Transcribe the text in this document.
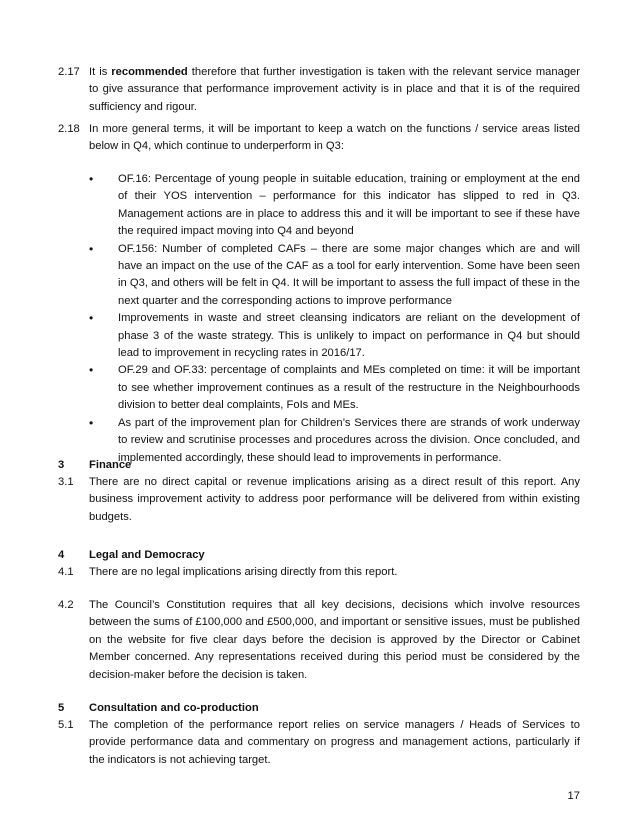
2.17 It is recommended therefore that further investigation is taken with the relevant service manager to give assurance that performance improvement activity is in place and that it is of the required sufficiency and rigour.
2.18 In more general terms, it will be important to keep a watch on the functions / service areas listed below in Q4, which continue to underperform in Q3:
• OF.16: Percentage of young people in suitable education, training or employment at the end of their YOS intervention – performance for this indicator has slipped to red in Q3. Management actions are in place to address this and it will be important to see if these have the required impact moving into Q4 and beyond
• OF.156: Number of completed CAFs – there are some major changes which are and will have an impact on the use of the CAF as a tool for early intervention. Some have been seen in Q3, and others will be felt in Q4. It will be important to assess the full impact of these in the next quarter and the corresponding actions to improve performance
• Improvements in waste and street cleansing indicators are reliant on the development of phase 3 of the waste strategy. This is unlikely to impact on performance in Q4 but should lead to improvement in recycling rates in 2016/17.
• OF.29 and OF.33: percentage of complaints and MEs completed on time: it will be important to see whether improvement continues as a result of the restructure in the Neighbourhoods division to better deal complaints, FoIs and MEs.
• As part of the improvement plan for Children’s Services there are strands of work underway to review and scrutinise processes and procedures across the division. Once concluded, and implemented accordingly, these should lead to improvements in performance.
3 Finance
3.1 There are no direct capital or revenue implications arising as a direct result of this report. Any business improvement activity to address poor performance will be delivered from within existing budgets.
4 Legal and Democracy
4.1 There are no legal implications arising directly from this report.
4.2 The Council’s Constitution requires that all key decisions, decisions which involve resources between the sums of £100,000 and £500,000, and important or sensitive issues, must be published on the website for five clear days before the decision is approved by the Director or Cabinet Member concerned. Any representations received during this period must be considered by the decision-maker before the decision is taken.
5 Consultation and co-production
5.1 The completion of the performance report relies on service managers / Heads of Services to provide performance data and commentary on progress and management actions, particularly if the indicators is not achieving target.
17
